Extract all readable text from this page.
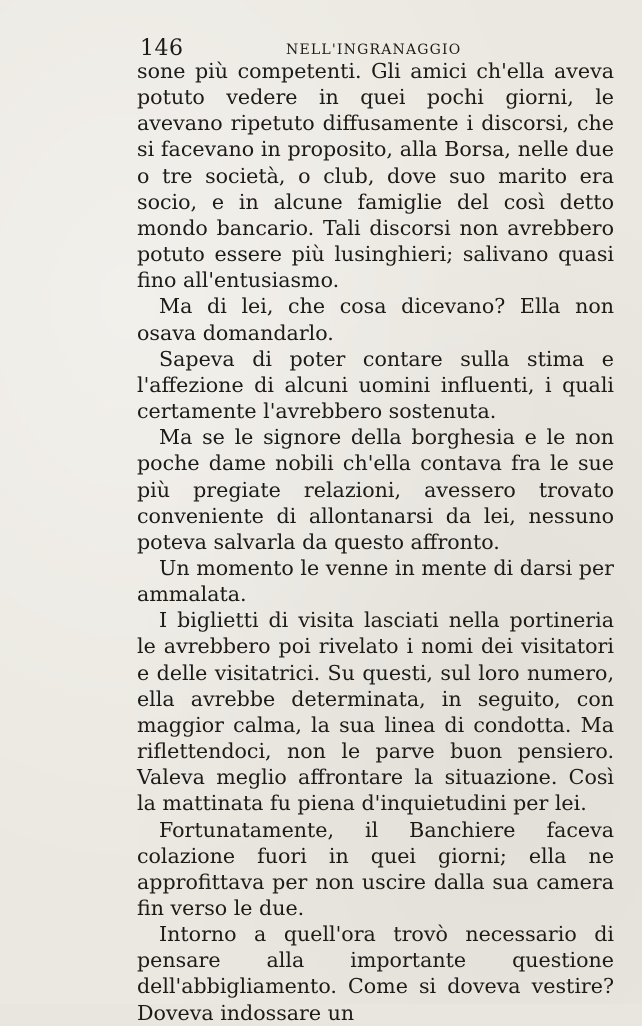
146	NELL'INGRANAGGIO

sone più competenti. Gli amici ch'ella aveva potuto vedere in quei pochi giorni, le avevano ripetuto diffusamente i discorsi, che si facevano in proposito, alla Borsa, nelle due o tre società, o club, dove suo marito era socio, e in alcune famiglie del così detto mondo bancario. Tali discorsi non avrebbero potuto essere più lusinghieri; salivano quasi fino all'entusiasmo.

Ma di lei, che cosa dicevano? Ella non osava domandarlo.

Sapeva di poter contare sulla stima e l'affezione di alcuni uomini influenti, i quali certamente l'avrebbero sostenuta.

Ma se le signore della borghesia e le non poche dame nobili ch'ella contava fra le sue più pregiate relazioni, avessero trovato conveniente di allontanarsi da lei, nessuno poteva salvarla da questo affronto.

Un momento le venne in mente di darsi per ammalata.

I biglietti di visita lasciati nella portineria le avrebbero poi rivelato i nomi dei visitatori e delle visitatrici. Su questi, sul loro numero, ella avrebbe determinata, in seguito, con maggior calma, la sua linea di condotta. Ma riflettendoci, non le parve buon pensiero. Valeva meglio affrontare la situazione. Così la mattinata fu piena d'inquietudini per lei.

Fortunatamente, il Banchiere faceva colazione fuori in quei giorni; ella ne approfittava per non uscire dalla sua camera fin verso le due.

Intorno a quell'ora trovò necessario di pensare alla importante questione dell'abbigliamento. Come si doveva vestire? Doveva indossare un
